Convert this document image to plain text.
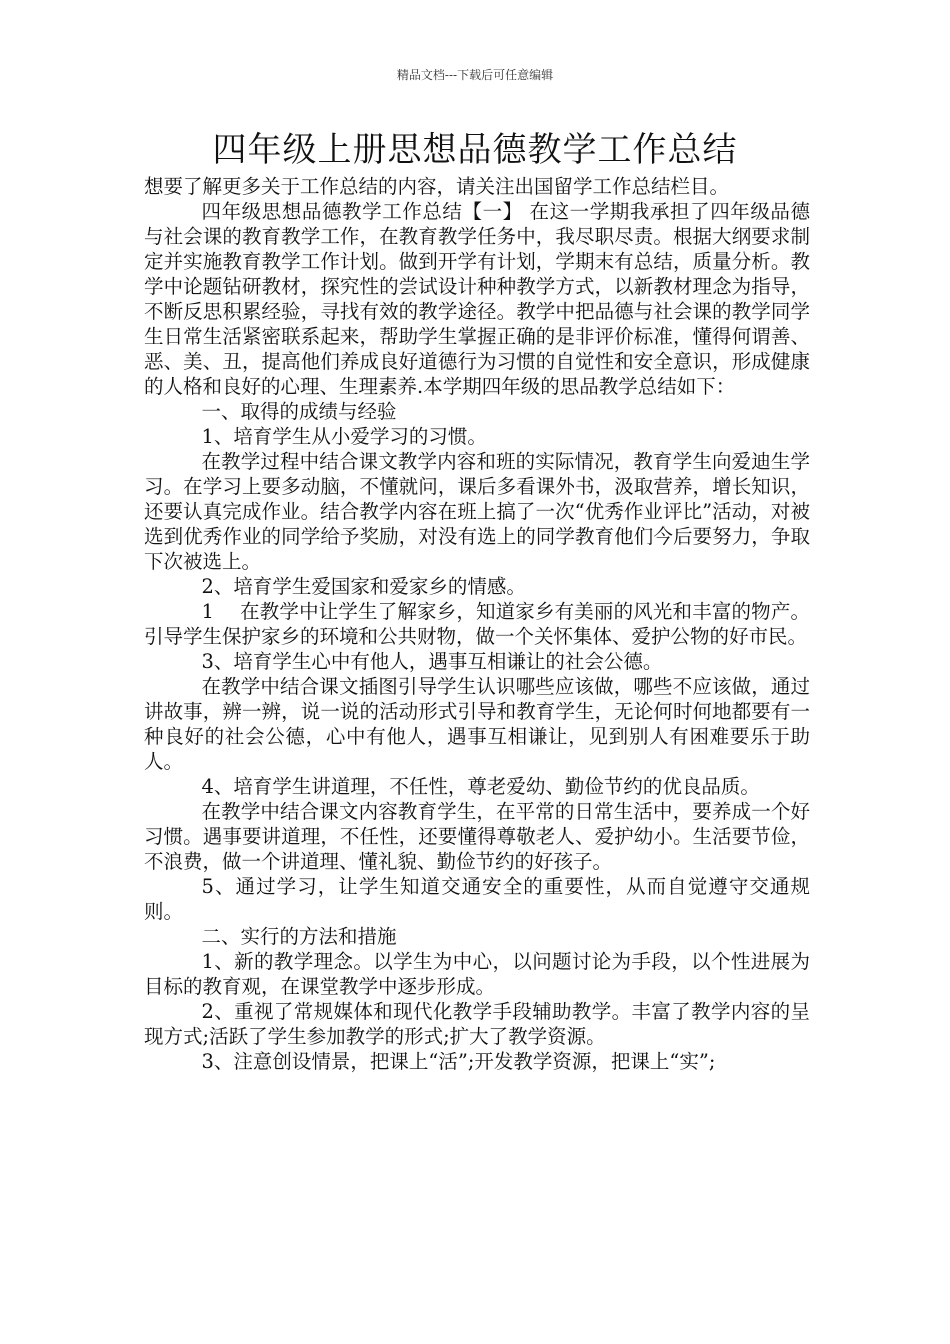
精品文档---下载后可任意编辑
四年级上册思想品德教学工作总结

想要了解更多关于工作总结的内容，请关注出国留学工作总结栏目。

四年级思想品德教学工作总结【一】 在这一学期我承担了四年级品德与社会课的教育教学工作，在教育教学任务中，我尽职尽责。根据大纲要求制定并实施教育教学工作计划。做到开学有计划，学期末有总结，质量分析。教学中论题钻研教材，探究性的尝试设计种种教学方式，以新教材理念为指导，不断反思积累经验，寻找有效的教学途径。教学中把品德与社会课的教学同学生日常生活紧密联系起来，帮助学生掌握正确的是非评价标准，懂得何谓善、恶、美、丑，提高他们养成良好道德行为习惯的自觉性和安全意识，形成健康的人格和良好的心理、生理素养.本学期四年级的思品教学总结如下：

一、取得的成绩与经验

1、培育学生从小爱学习的习惯。

在教学过程中结合课文教学内容和班的实际情况，教育学生向爱迪生学习。在学习上要多动脑，不懂就问，课后多看课外书，汲取营养，增长知识，还要认真完成作业。结合教学内容在班上搞了一次“优秀作业评比”活动，对被选到优秀作业的同学给予奖励，对没有选上的同学教育他们今后要努力，争取下次被选上。

2、培育学生爱国家和爱家乡的情感。

1　 在教学中让学生了解家乡，知道家乡有美丽的风光和丰富的物产。引导学生保护家乡的环境和公共财物，做一个关怀集体、爱护公物的好市民。

3、培育学生心中有他人，遇事互相谦让的社会公德。

在教学中结合课文插图引导学生认识哪些应该做，哪些不应该做，通过讲故事，辨一辨，说一说的活动形式引导和教育学生，无论何时何地都要有一种良好的社会公德，心中有他人，遇事互相谦让，见到别人有困难要乐于助人。

4、培育学生讲道理，不任性，尊老爱幼、勤俭节约的优良品质。

在教学中结合课文内容教育学生，在平常的日常生活中，要养成一个好习惯。遇事要讲道理，不任性，还要懂得尊敬老人、爱护幼小。生活要节俭，不浪费，做一个讲道理、懂礼貌、勤俭节约的好孩子。

5、通过学习，让学生知道交通安全的重要性，从而自觉遵守交通规则。

二、实行的方法和措施

1、新的教学理念。以学生为中心，以问题讨论为手段，以个性进展为目标的教育观，在课堂教学中逐步形成。

2、重视了常规媒体和现代化教学手段辅助教学。丰富了教学内容的呈现方式;活跃了学生参加教学的形式;扩大了教学资源。

3、注意创设情景，把课上“活”;开发教学资源，把课上“实”;
